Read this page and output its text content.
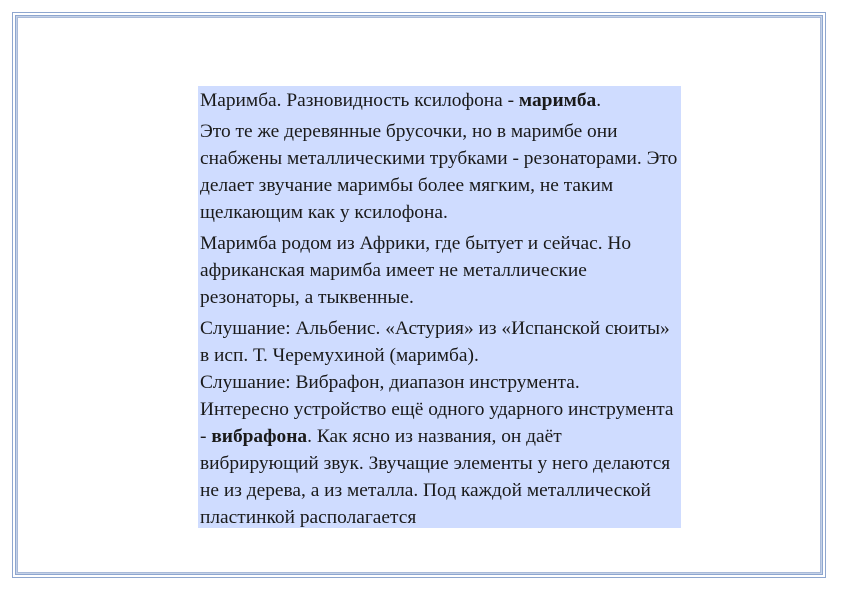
Маримба. Разновидность ксилофона - маримба.

Это те же деревянные брусочки, но в маримбе они снабжены металлическими трубками - резонаторами. Это делает звучание маримбы более мягким, не таким щелкающим как у ксилофона.

Маримба родом из Африки, где бытует и сейчас. Но африканская маримба имеет не металлические резонаторы, а тыквенные.

Слушание: Альбенис. «Астурия» из «Испанской сюиты» в исп. Т. Черемухиной (маримба).

Слушание: Вибрафон, диапазон инструмента.

Интересно устройство ещё одного ударного инструмента - вибрафона. Как ясно из названия, он даёт вибрирующий звук. Звучащие элементы у него делаются не из дерева, а из металла. Под каждой металлической пластинкой располагается
